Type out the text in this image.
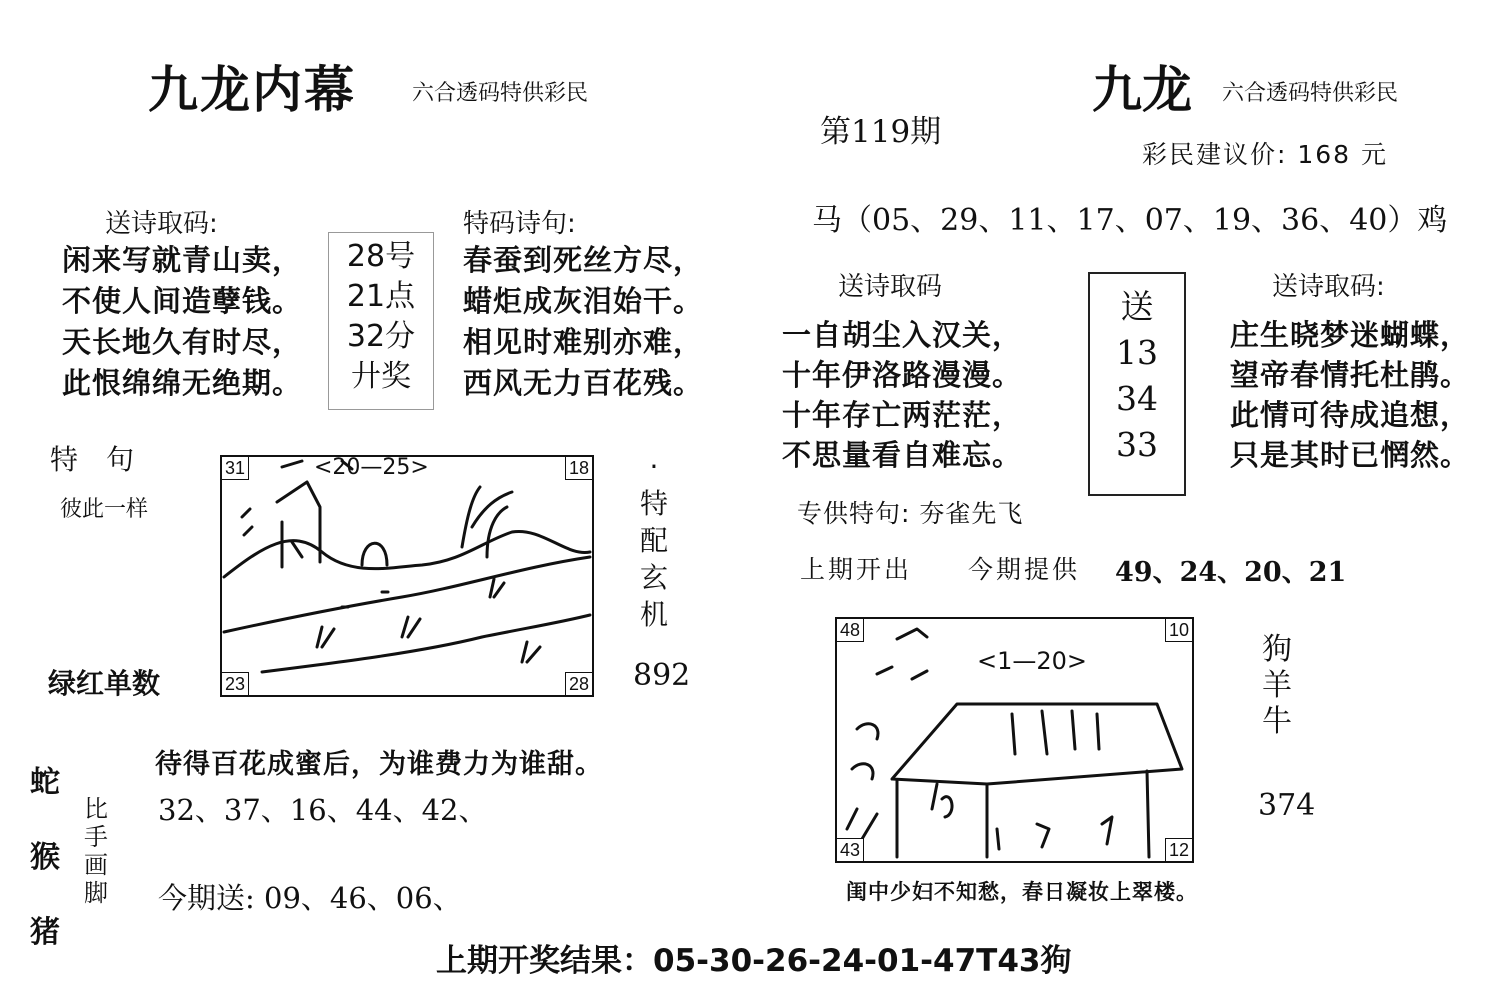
九龙内幕	六合透码特供彩民
送诗取码:
闲来写就青山卖，
不使人间造孽钱。
天长地久有时尽，
此恨绵绵无绝期。
28号
21点
32分
廾奖
特码诗句:
春蚕到死丝方尽，
蜡炬成灰泪始干。
相见时难别亦难，
西风无力百花残。
特　句
彼此一样
<20—25>
31	18
23	28
·
特
配
玄
机
绿红单数	892
蛇
猴
猪
比
手
画
脚
待得百花成蜜后，为谁费力为谁甜。
32、37、16、44、42、
今期送: 09、46、06、
九龙 六合透码特供彩民
第119期
彩民建议价: 168 元
马（05、29、11、17、07、19、36、40）鸡
送诗取码
一自胡尘入汉关，
十年伊洛路漫漫。
十年存亡两茫茫，
不思量看自难忘。
送
13
34
33
送诗取码:
庄生晓梦迷蝴蝶，
望帝春情托杜鹃。
此情可待成追想，
只是其时已惘然。
专供特句: 夯雀先飞
上期开出 今期提供 49、24、20、21
<1—20>
48	10
43	12
狗
羊
牛
374
闺中少妇不知愁，春日凝妆上翠楼。
上期开奖结果：05-30-26-24-01-47T43狗
